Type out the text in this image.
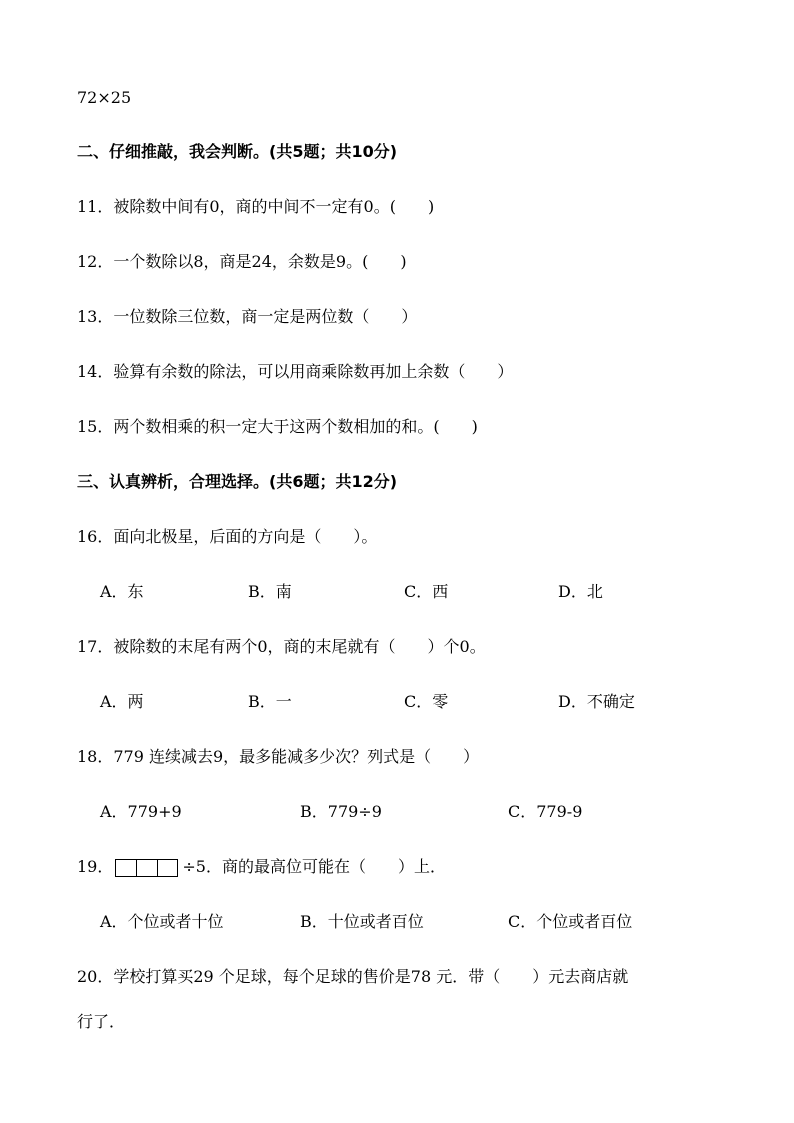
72×25
二、仔细推敲，我会判断。(共5题；共10分)
11．被除数中间有0，商的中间不一定有0。(　　)
12．一个数除以8，商是24，余数是9。(　　)
13．一位数除三位数，商一定是两位数（　　）
14．验算有余数的除法，可以用商乘除数再加上余数（　　）
15．两个数相乘的积一定大于这两个数相加的和。(　　)
三、认真辨析，合理选择。(共6题；共12分)
16．面向北极星，后面的方向是（　　）。
A．东	B．南	C．西	D．北
17．被除数的末尾有两个0，商的末尾就有（　　）个0。
A．两	B．一	C．零	D．不确定
18．779 连续减去9，最多能减多少次？列式是（　　）
A．779+9	B．779÷9	C．779-9
19．	÷5．商的最高位可能在（　　）上．
A．个位或者十位	B．十位或者百位	C．个位或者百位
20．学校打算买29 个足球，每个足球的售价是78 元．带（　　）元去商店就
行了．
